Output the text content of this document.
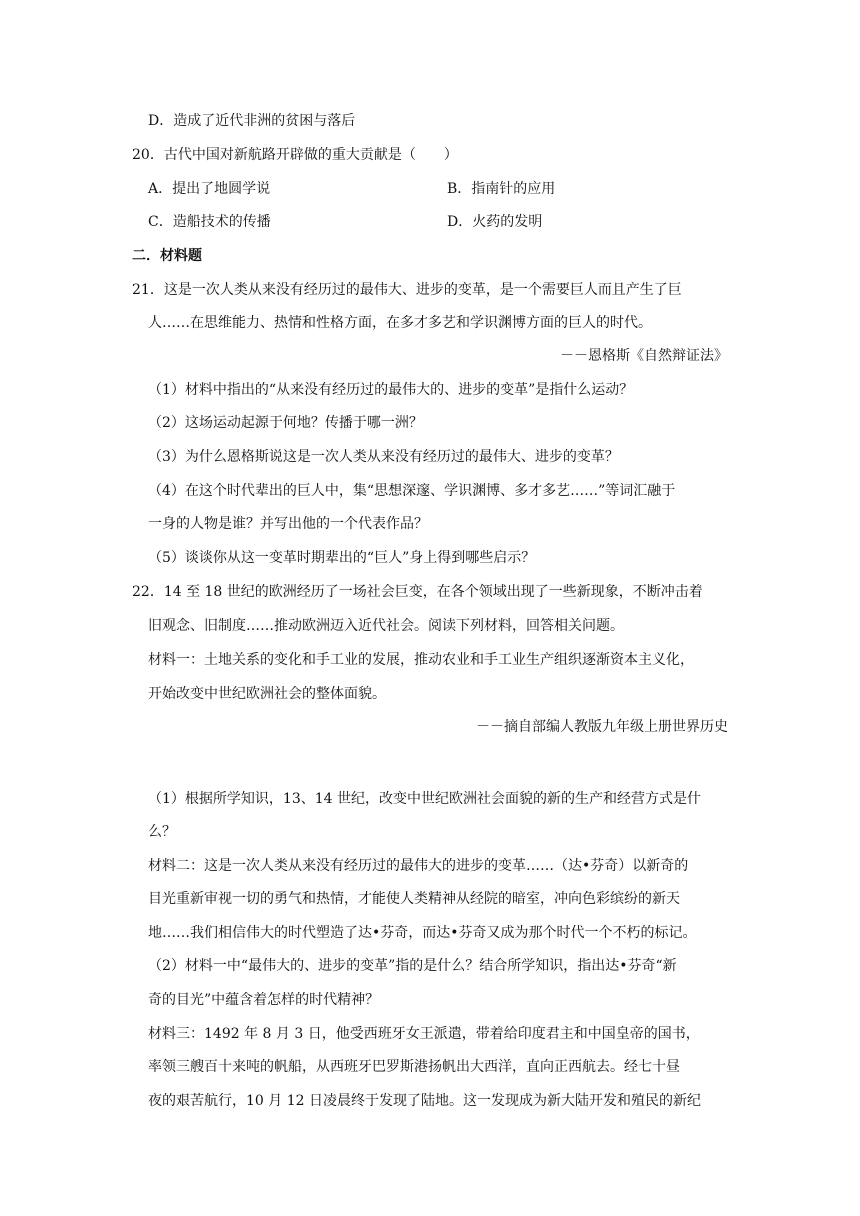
D．造成了近代非洲的贫困与落后
20．古代中国对新航路开辟做的重大贡献是（　　）
A．提出了地圆学说	B．指南针的应用
C．造船技术的传播	D．火药的发明
二．材料题
21．这是一次人类从来没有经历过的最伟大、进步的变革，是一个需要巨人而且产生了巨
人……在思维能力、热情和性格方面，在多才多艺和学识渊博方面的巨人的时代。
－－恩格斯《自然辩证法》
（1）材料中指出的“从来没有经历过的最伟大的、进步的变革”是指什么运动？
（2）这场运动起源于何地？传播于哪一洲？
（3）为什么恩格斯说这是一次人类从来没有经历过的最伟大、进步的变革？
（4）在这个时代辈出的巨人中，集“思想深邃、学识渊博、多才多艺……”等词汇融于
一身的人物是谁？并写出他的一个代表作品？
（5）谈谈你从这一变革时期辈出的“巨人”身上得到哪些启示？
22．14 至 18 世纪的欧洲经历了一场社会巨变，在各个领域出现了一些新现象，不断冲击着
旧观念、旧制度……推动欧洲迈入近代社会。阅读下列材料，回答相关问题。
材料一：土地关系的变化和手工业的发展，推动农业和手工业生产组织逐渐资本主义化，
开始改变中世纪欧洲社会的整体面貌。
－－摘自部编人教版九年级上册世界历史
（1）根据所学知识，13、14 世纪，改变中世纪欧洲社会面貌的新的生产和经营方式是什
么？
材料二：这是一次人类从来没有经历过的最伟大的进步的变革……（达•芬奇）以新奇的
目光重新审视一切的勇气和热情，才能使人类精神从经院的暗室，冲向色彩缤纷的新天
地……我们相信伟大的时代塑造了达•芬奇，而达•芬奇又成为那个时代一个不朽的标记。
（2）材料一中“最伟大的、进步的变革”指的是什么？结合所学知识，指出达•芬奇“新
奇的目光”中蕴含着怎样的时代精神？
材料三：1492 年 8 月 3 日，他受西班牙女王派遣，带着给印度君主和中国皇帝的国书，
率领三艘百十来吨的帆船，从西班牙巴罗斯港扬帆出大西洋，直向正西航去。经七十昼
夜的艰苦航行，10 月 12 日凌晨终于发现了陆地。这一发现成为新大陆开发和殖民的新纪
